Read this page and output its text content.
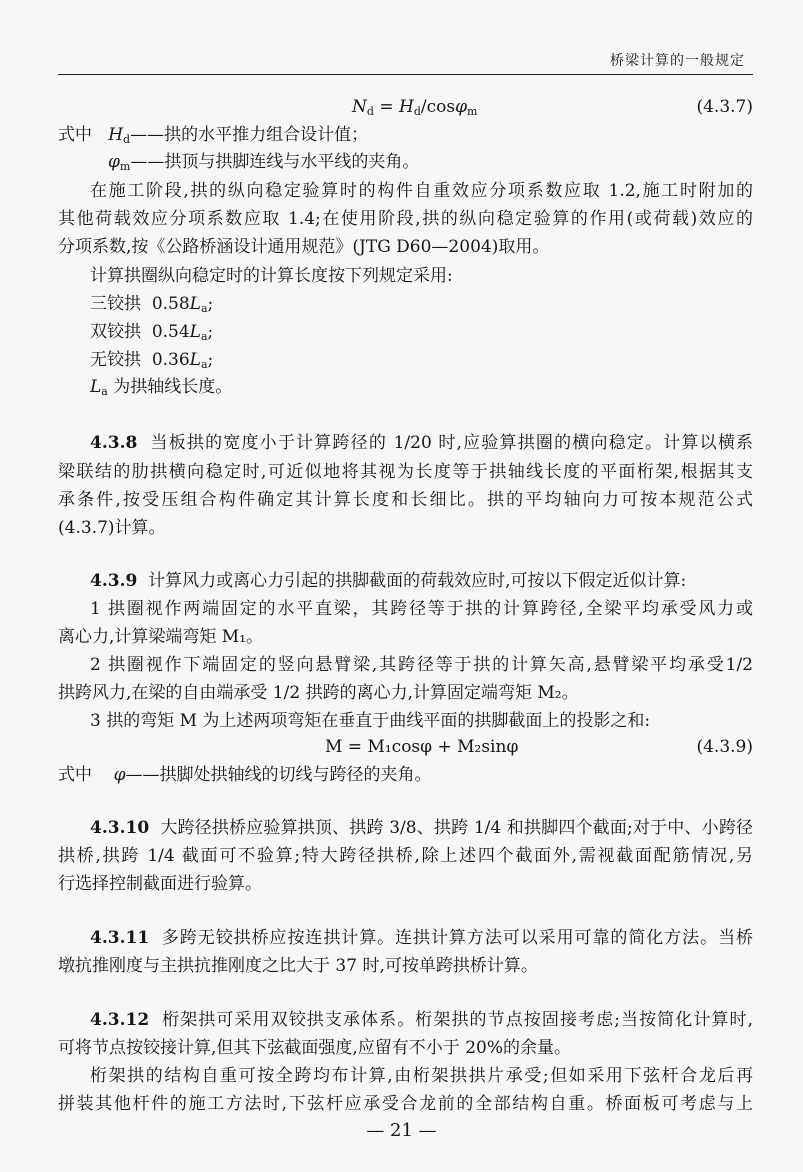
桥梁计算的一般规定
$N_d = H_d/\cos\varphi_m$	(4.3.7)
式中 $H_d——$拱的水平推力组合设计值；
$\varphi_m——$拱顶与拱脚连线与水平线的夹角。
在施工阶段,拱的纵向稳定验算时的构件自重效应分项系数应取 1.2,施工时附加的
其他荷载效应分项系数应取 1.4;在使用阶段,拱的纵向稳定验算的作用(或荷载)效应的
分项系数,按《公路桥涵设计通用规范》(JTG D60—2004)取用。
计算拱圈纵向稳定时的计算长度按下列规定采用:
三铰拱 $0.58L_a$;
双铰拱 $0.54L_a$;
无铰拱 $0.36L_a$;
$L_a$ 为拱轴线长度。
4.3.8 当板拱的宽度小于计算跨径的 1/20 时,应验算拱圈的横向稳定。计算以横系
梁联结的肋拱横向稳定时,可近似地将其视为长度等于拱轴线长度的平面桁架,根据其支
承条件,按受压组合构件确定其计算长度和长细比。拱的平均轴向力可按本规范公式
(4.3.7)计算。
4.3.9 计算风力或离心力引起的拱脚截面的荷载效应时,可按以下假定近似计算:
1 拱圈视作两端固定的水平直梁，其跨径等于拱的计算跨径,全梁平均承受风力或
离心力,计算梁端弯矩 M₁。
2 拱圈视作下端固定的竖向悬臂梁,其跨径等于拱的计算矢高,悬臂梁平均承受1/2
拱跨风力,在梁的自由端承受 1/2 拱跨的离心力,计算固定端弯矩 M₂。
3 拱的弯矩 M 为上述两项弯矩在垂直于曲线平面的拱脚截面上的投影之和:
M = M₁cosφ + M₂sinφ	(4.3.9)
式中 φ——拱脚处拱轴线的切线与跨径的夹角。
4.3.10 大跨径拱桥应验算拱顶、拱跨 3/8、拱跨 1/4 和拱脚四个截面;对于中、小跨径
拱桥,拱跨 1/4 截面可不验算;特大跨径拱桥,除上述四个截面外,需视截面配筋情况,另
行选择控制截面进行验算。
4.3.11 多跨无铰拱桥应按连拱计算。连拱计算方法可以采用可靠的简化方法。当桥
墩抗推刚度与主拱抗推刚度之比大于 37 时,可按单跨拱桥计算。
4.3.12 桁架拱可采用双铰拱支承体系。桁架拱的节点按固接考虑;当按简化计算时,
可将节点按铰接计算,但其下弦截面强度,应留有不小于 20%的余量。
桁架拱的结构自重可按全跨均布计算,由桁架拱拱片承受;但如采用下弦杆合龙后再
拼装其他杆件的施工方法时,下弦杆应承受合龙前的全部结构自重。桥面板可考虑与上
— 21 —
